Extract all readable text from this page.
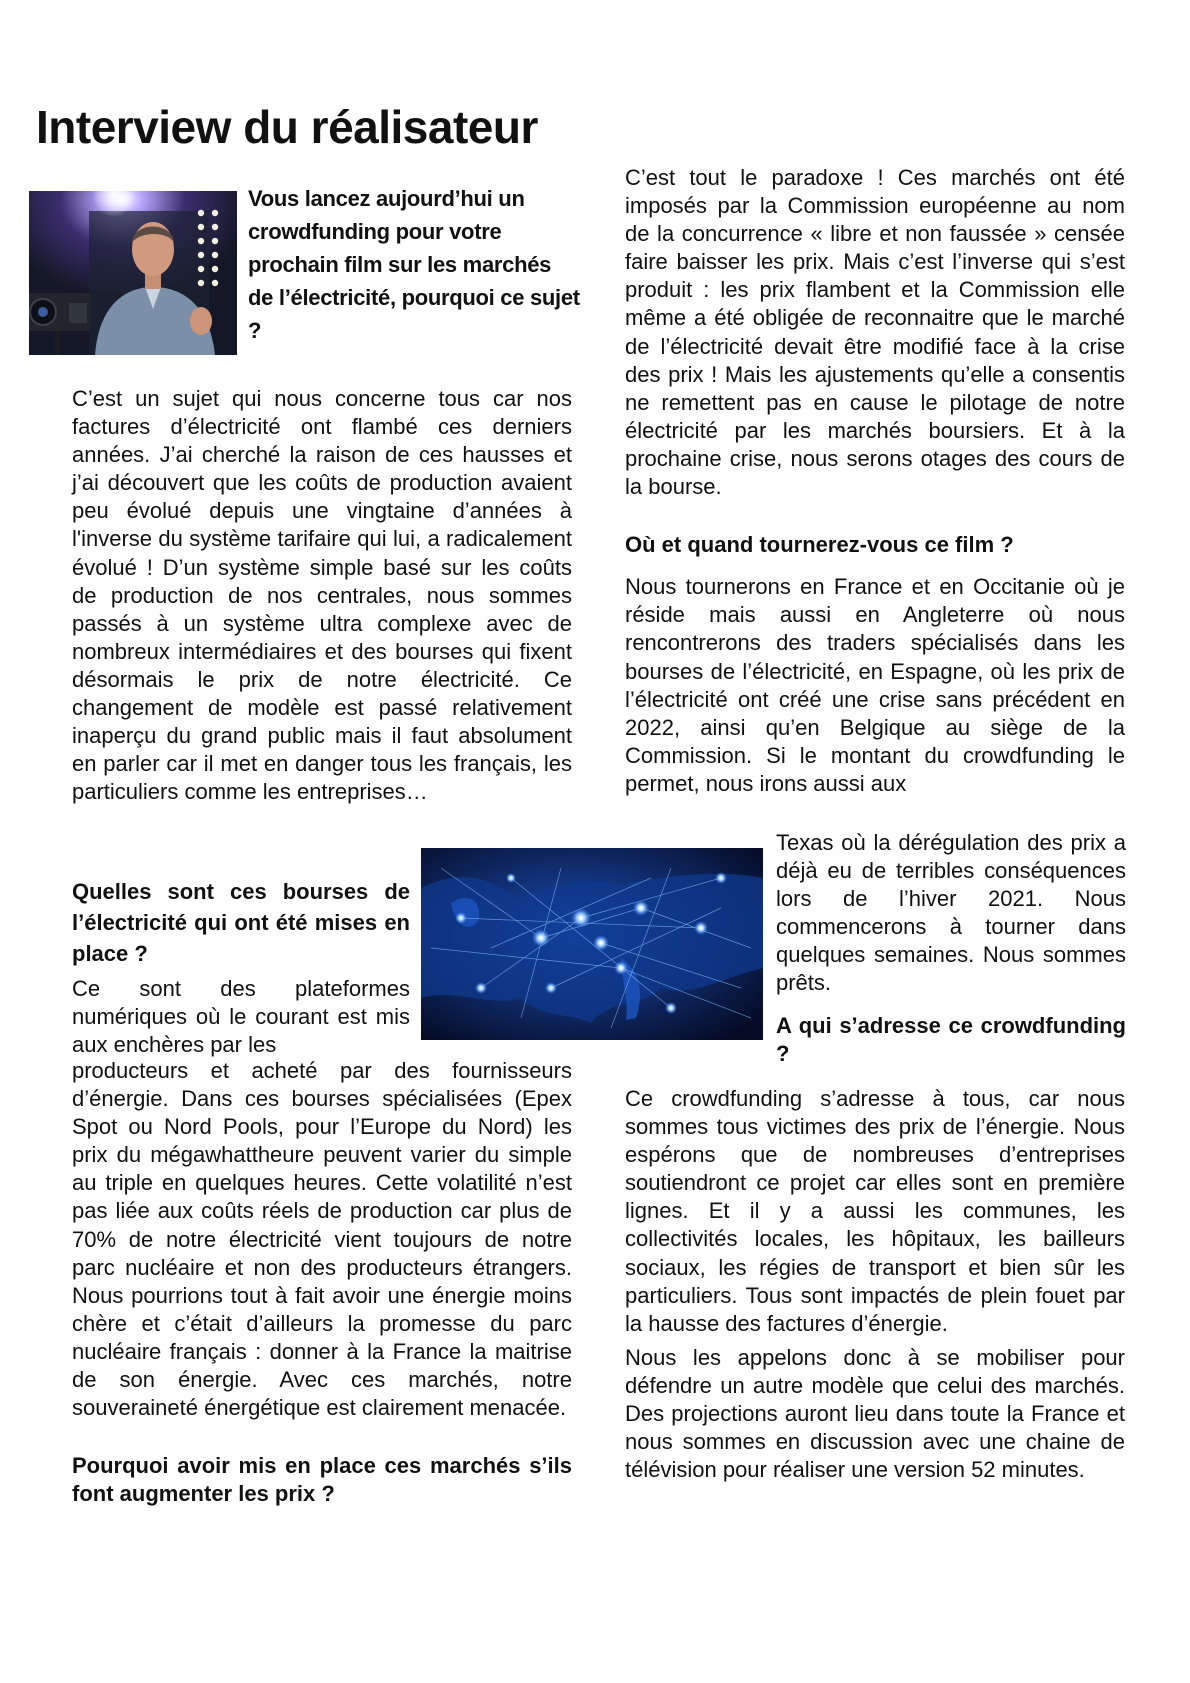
Interview du réalisateur

Vous lancez aujourd’hui un crowdfunding pour votre prochain film sur les marchés de l’électricité, pourquoi ce sujet ?

C’est un sujet qui nous concerne tous car nos factures d’électricité ont flambé ces derniers années. J’ai cherché la raison de ces hausses et j’ai découvert que les coûts de production avaient peu évolué depuis une vingtaine d’années à l'inverse du système tarifaire qui lui, a radicalement évolué ! D’un système simple basé sur les coûts de production de nos centrales, nous sommes passés à un système ultra complexe avec de nombreux intermédiaires et des bourses qui fixent désormais le prix de notre électricité. Ce changement de modèle est passé relativement inaperçu du grand public mais il faut absolument en parler car il met en danger tous les français, les particuliers comme les entreprises…

Quelles sont ces bourses de l’électricité qui ont été mises en place ?

Ce sont des plateformes numériques où le courant est mis aux enchères par les

producteurs et acheté par des fournisseurs d’énergie. Dans ces bourses spécialisées (Epex Spot ou Nord Pools, pour l’Europe du Nord) les prix du mégawhattheure peuvent varier du simple au triple en quelques heures. Cette volatilité n’est pas liée aux coûts réels de production car plus de 70% de notre électricité vient toujours de notre parc nucléaire et non des producteurs étrangers. Nous pourrions tout à fait avoir une énergie moins chère et c’était d’ailleurs la promesse du parc nucléaire français : donner à la France la maitrise de son énergie. Avec ces marchés, notre souveraineté énergétique est clairement menacée.

Pourquoi avoir mis en place ces marchés s’ils font augmenter les prix ?

C’est tout le paradoxe ! Ces marchés ont été imposés par la Commission européenne au nom de la concurrence « libre et non faussée » censée faire baisser les prix. Mais c’est l’inverse qui s’est produit : les prix flambent et la Commission elle même a été obligée de reconnaitre que le marché de l’électricité devait être modifié face à la crise des prix ! Mais les ajustements qu’elle a consentis ne remettent pas en cause le pilotage de notre électricité par les marchés boursiers. Et à la prochaine crise, nous serons otages des cours de la bourse.

Où et quand tournerez-vous ce film ?

Nous tournerons en France et en Occitanie où je réside mais aussi en Angleterre où nous rencontrerons des traders spécialisés dans les bourses de l’électricité, en Espagne, où les prix de l’électricité ont créé une crise sans précédent en 2022, ainsi qu’en Belgique au siège de la Commission. Si le montant du crowdfunding le permet, nous irons aussi aux

Texas où la dérégulation des prix a déjà eu de terribles conséquences lors de l’hiver 2021. Nous commencerons à tourner dans quelques semaines. Nous sommes prêts.

A qui s’adresse ce crowdfunding ?

Ce crowdfunding s’adresse à tous, car nous sommes tous victimes des prix de l’énergie. Nous espérons que de nombreuses d’entreprises soutiendront ce projet car elles sont en première lignes. Et il y a aussi les communes, les collectivités locales, les hôpitaux, les bailleurs sociaux, les régies de transport et bien sûr les particuliers. Tous sont impactés de plein fouet par la hausse des factures d’énergie.

Nous les appelons donc à se mobiliser pour défendre un autre modèle que celui des marchés. Des projections auront lieu dans toute la France et nous sommes en discussion avec une chaine de télévision pour réaliser une version 52 minutes.
